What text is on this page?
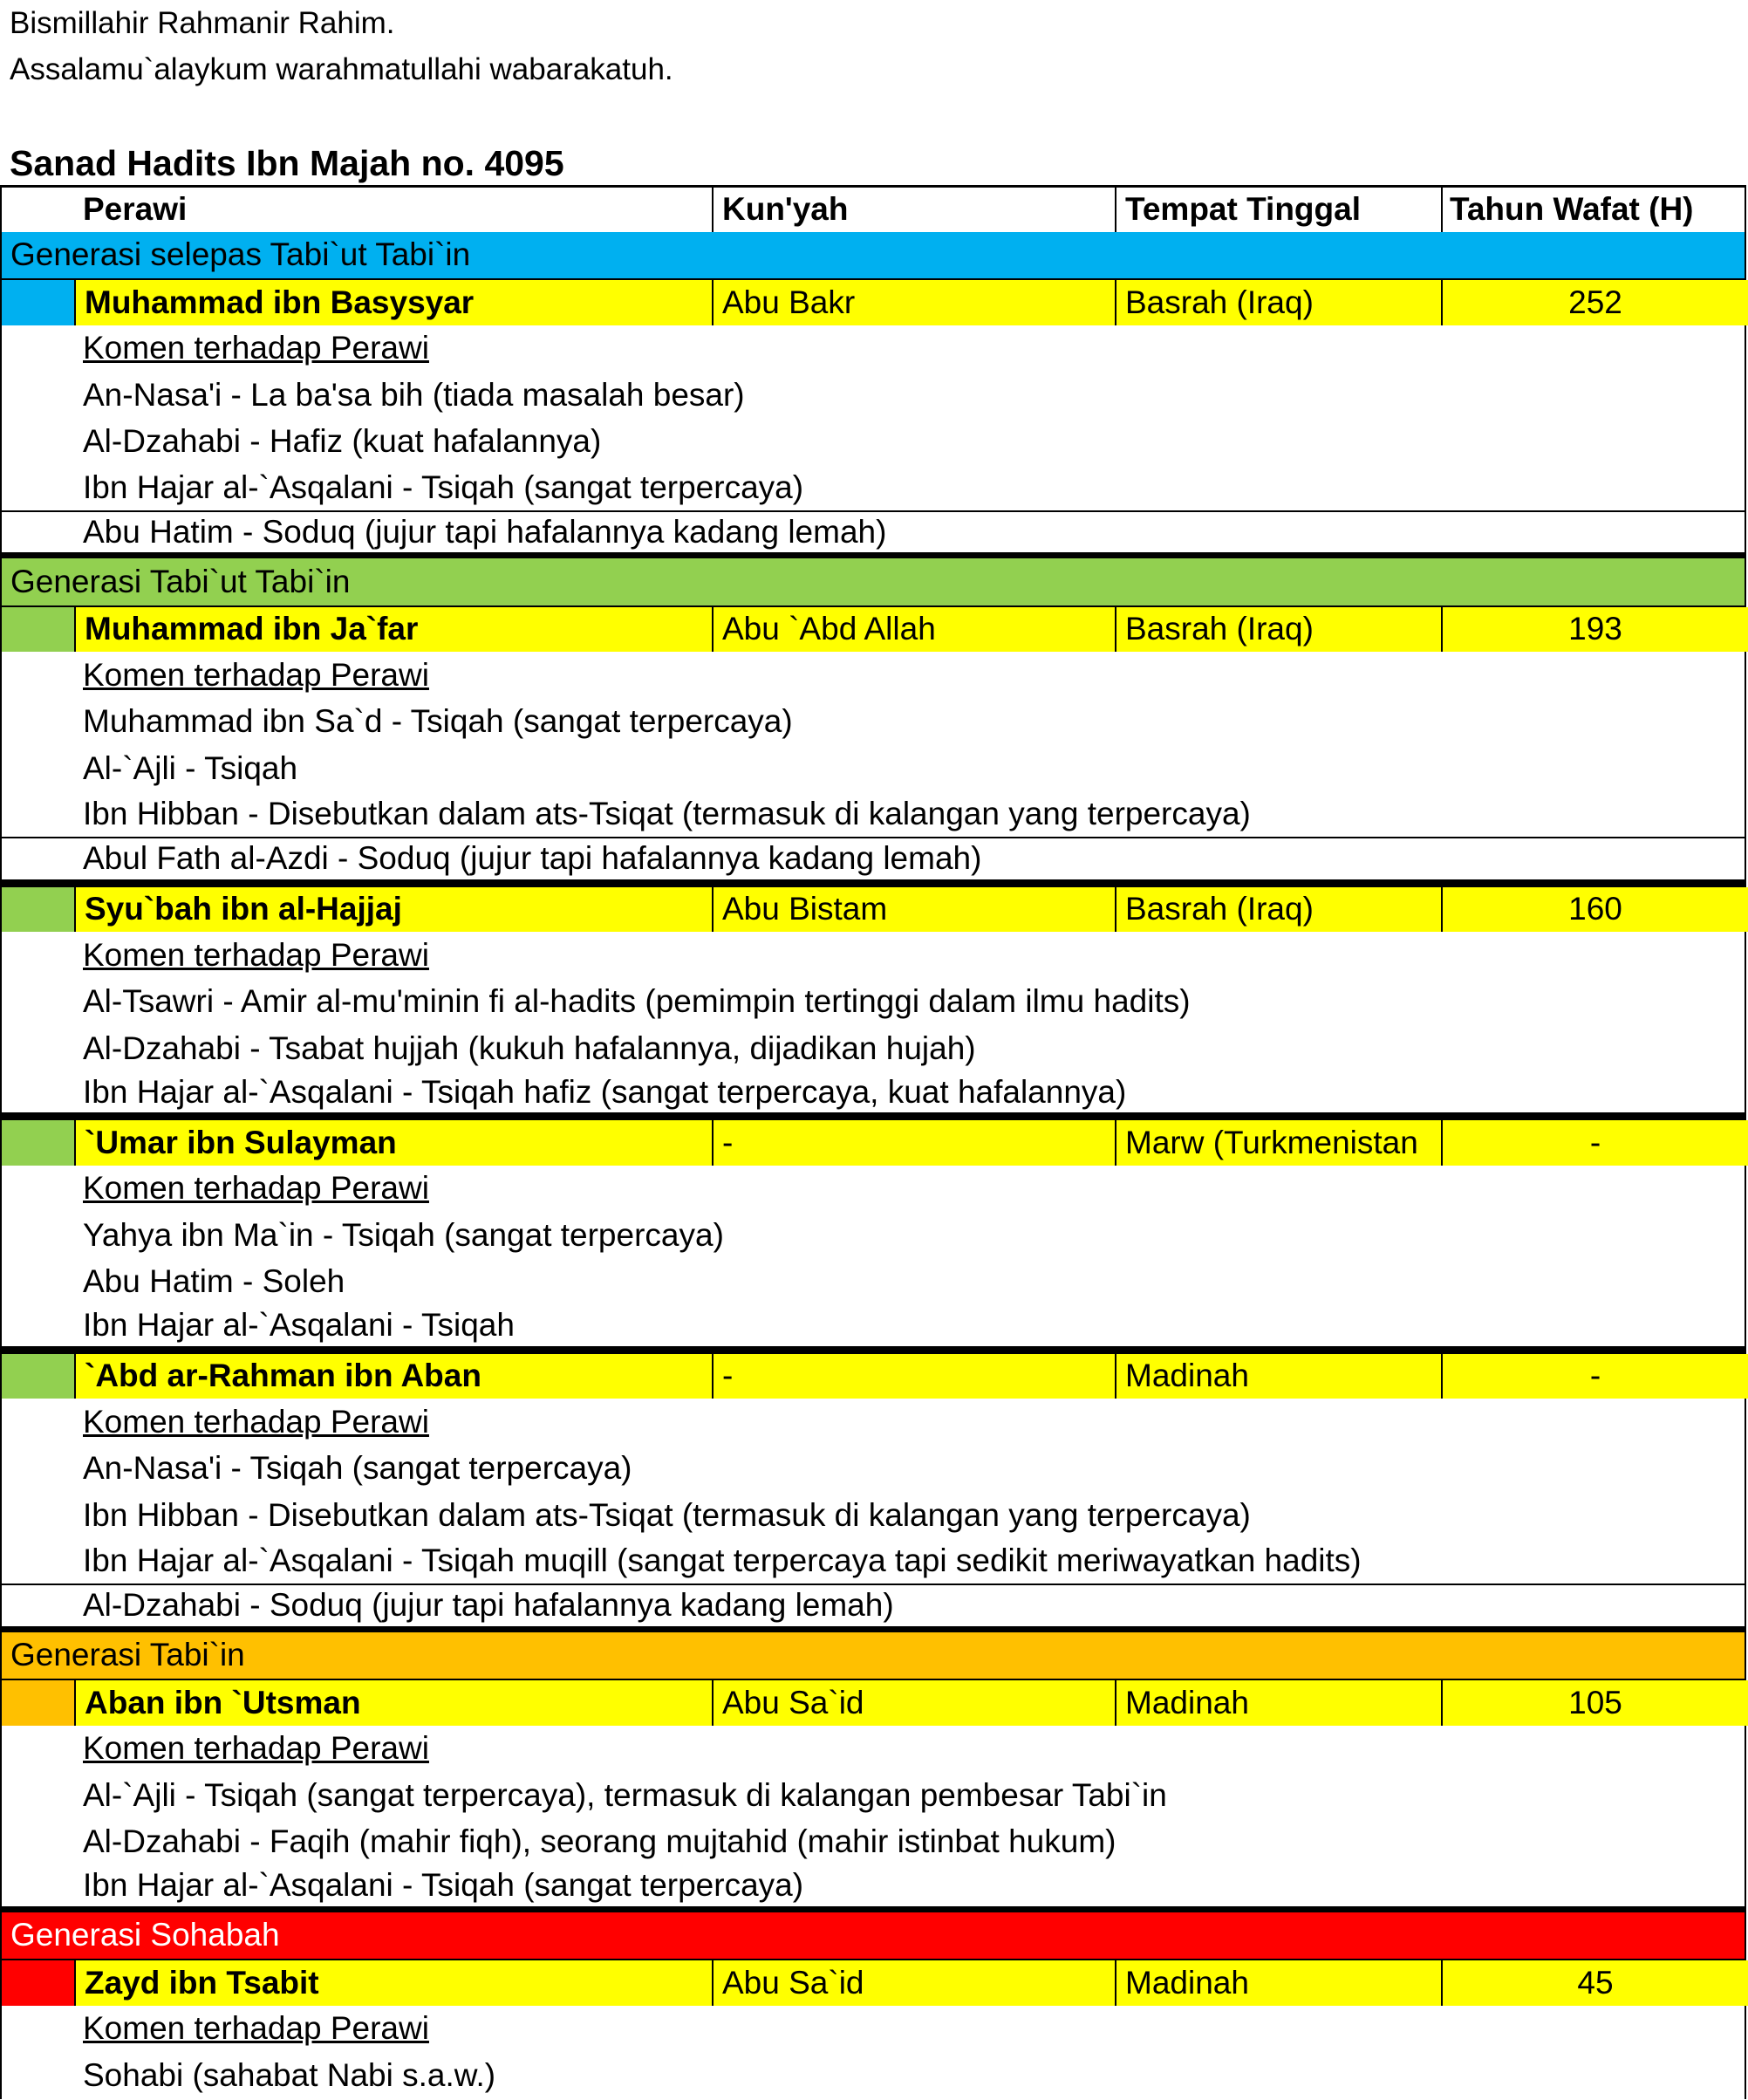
Bismillahir Rahmanir Rahim.
Assalamu`alaykum warahmatullahi wabarakatuh.
Sanad Hadits Ibn Majah no. 4095
Perawi	Kun'yah	Tempat Tinggal	Tahun Wafat (H)
Generasi selepas Tabi`ut Tabi`in
Muhammad ibn Basysyar	Abu Bakr	Basrah (Iraq)	252
Komen terhadap Perawi
An-Nasa'i - La ba'sa bih (tiada masalah besar)
Al-Dzahabi - Hafiz (kuat hafalannya)
Ibn Hajar al-`Asqalani - Tsiqah (sangat terpercaya)
Abu Hatim - Soduq (jujur tapi hafalannya kadang lemah)
Generasi Tabi`ut Tabi`in
Muhammad ibn Ja`far	Abu `Abd Allah	Basrah (Iraq)	193
Komen terhadap Perawi
Muhammad ibn Sa`d - Tsiqah (sangat terpercaya)
Al-`Ajli - Tsiqah
Ibn Hibban - Disebutkan dalam ats-Tsiqat (termasuk di kalangan yang terpercaya)
Abul Fath al-Azdi - Soduq (jujur tapi hafalannya kadang lemah)
Syu`bah ibn al-Hajjaj	Abu Bistam	Basrah (Iraq)	160
Komen terhadap Perawi
Al-Tsawri - Amir al-mu'minin fi al-hadits (pemimpin tertinggi dalam ilmu hadits)
Al-Dzahabi - Tsabat hujjah (kukuh hafalannya, dijadikan hujah)
Ibn Hajar al-`Asqalani - Tsiqah hafiz (sangat terpercaya, kuat hafalannya)
`Umar ibn Sulayman	-	Marw (Turkmenistan	-
Komen terhadap Perawi
Yahya ibn Ma`in - Tsiqah (sangat terpercaya)
Abu Hatim - Soleh
Ibn Hajar al-`Asqalani - Tsiqah
`Abd ar-Rahman ibn Aban	-	Madinah	-
Komen terhadap Perawi
An-Nasa'i - Tsiqah (sangat terpercaya)
Ibn Hibban - Disebutkan dalam ats-Tsiqat (termasuk di kalangan yang terpercaya)
Ibn Hajar al-`Asqalani - Tsiqah muqill (sangat terpercaya tapi sedikit meriwayatkan hadits)
Al-Dzahabi - Soduq (jujur tapi hafalannya kadang lemah)
Generasi Tabi`in
Aban ibn `Utsman	Abu Sa`id	Madinah	105
Komen terhadap Perawi
Al-`Ajli - Tsiqah (sangat terpercaya), termasuk di kalangan pembesar Tabi`in
Al-Dzahabi - Faqih (mahir fiqh), seorang mujtahid (mahir istinbat hukum)
Ibn Hajar al-`Asqalani - Tsiqah (sangat terpercaya)
Generasi Sohabah
Zayd ibn Tsabit	Abu Sa`id	Madinah	45
Komen terhadap Perawi
Sohabi (sahabat Nabi s.a.w.)
